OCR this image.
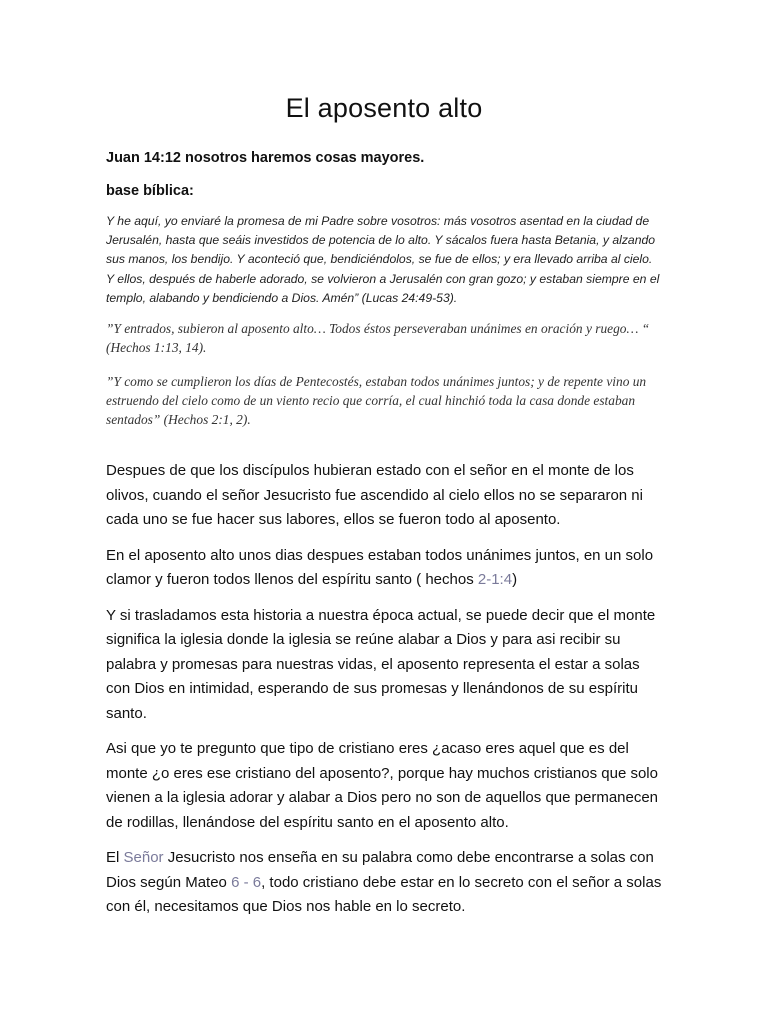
El aposento alto

Juan 14:12 nosotros haremos cosas mayores.

base bíblica:

Y he aquí, yo enviaré la promesa de mi Padre sobre vosotros: más vosotros asentad en la ciudad de Jerusalén, hasta que seáis investidos de potencia de lo alto. Y sácalos fuera hasta Betania, y alzando sus manos, los bendijo. Y aconteció que, bendiciéndolos, se fue de ellos; y era llevado arriba al cielo. Y ellos, después de haberle adorado, se volvieron a Jerusalén con gran gozo; y estaban siempre en el templo, alabando y bendiciendo a Dios. Amén” (Lucas 24:49-53).

”Y entrados, subieron al aposento alto… Todos éstos perseveraban unánimes en oración y ruego… “ (Hechos 1:13, 14).

”Y como se cumplieron los días de Pentecostés, estaban todos unánimes juntos; y de repente vino un estruendo del cielo como de un viento recio que corría, el cual hinchió toda la casa donde estaban sentados” (Hechos 2:1, 2).

Despues de que los discípulos hubieran estado con el señor en el monte de los olivos, cuando el señor Jesucristo fue ascendido al cielo ellos no se separaron ni cada uno se fue hacer sus labores, ellos se fueron todo al aposento.

En el aposento alto unos dias despues estaban todos unánimes juntos, en un solo clamor y fueron todos llenos del espíritu santo ( hechos 2-1:4)

Y si trasladamos esta historia a nuestra época actual, se puede decir que el monte significa la iglesia donde la iglesia se reúne alabar a Dios y para asi recibir su palabra y promesas para nuestras vidas, el aposento representa el estar a solas con Dios en intimidad, esperando de sus promesas y llenándonos de su espíritu santo.

Asi que yo te pregunto que tipo de cristiano eres ¿acaso eres aquel que es del monte ¿o eres ese cristiano del aposento?, porque hay muchos cristianos que solo vienen a la iglesia adorar y alabar a Dios pero no son de aquellos que permanecen de rodillas, llenándose del espíritu santo en el aposento alto.

El Señor Jesucristo nos enseña en su palabra como debe encontrarse a solas con Dios según Mateo 6 - 6, todo cristiano debe estar en lo secreto con el señor a solas con él, necesitamos que Dios nos hable en lo secreto.
